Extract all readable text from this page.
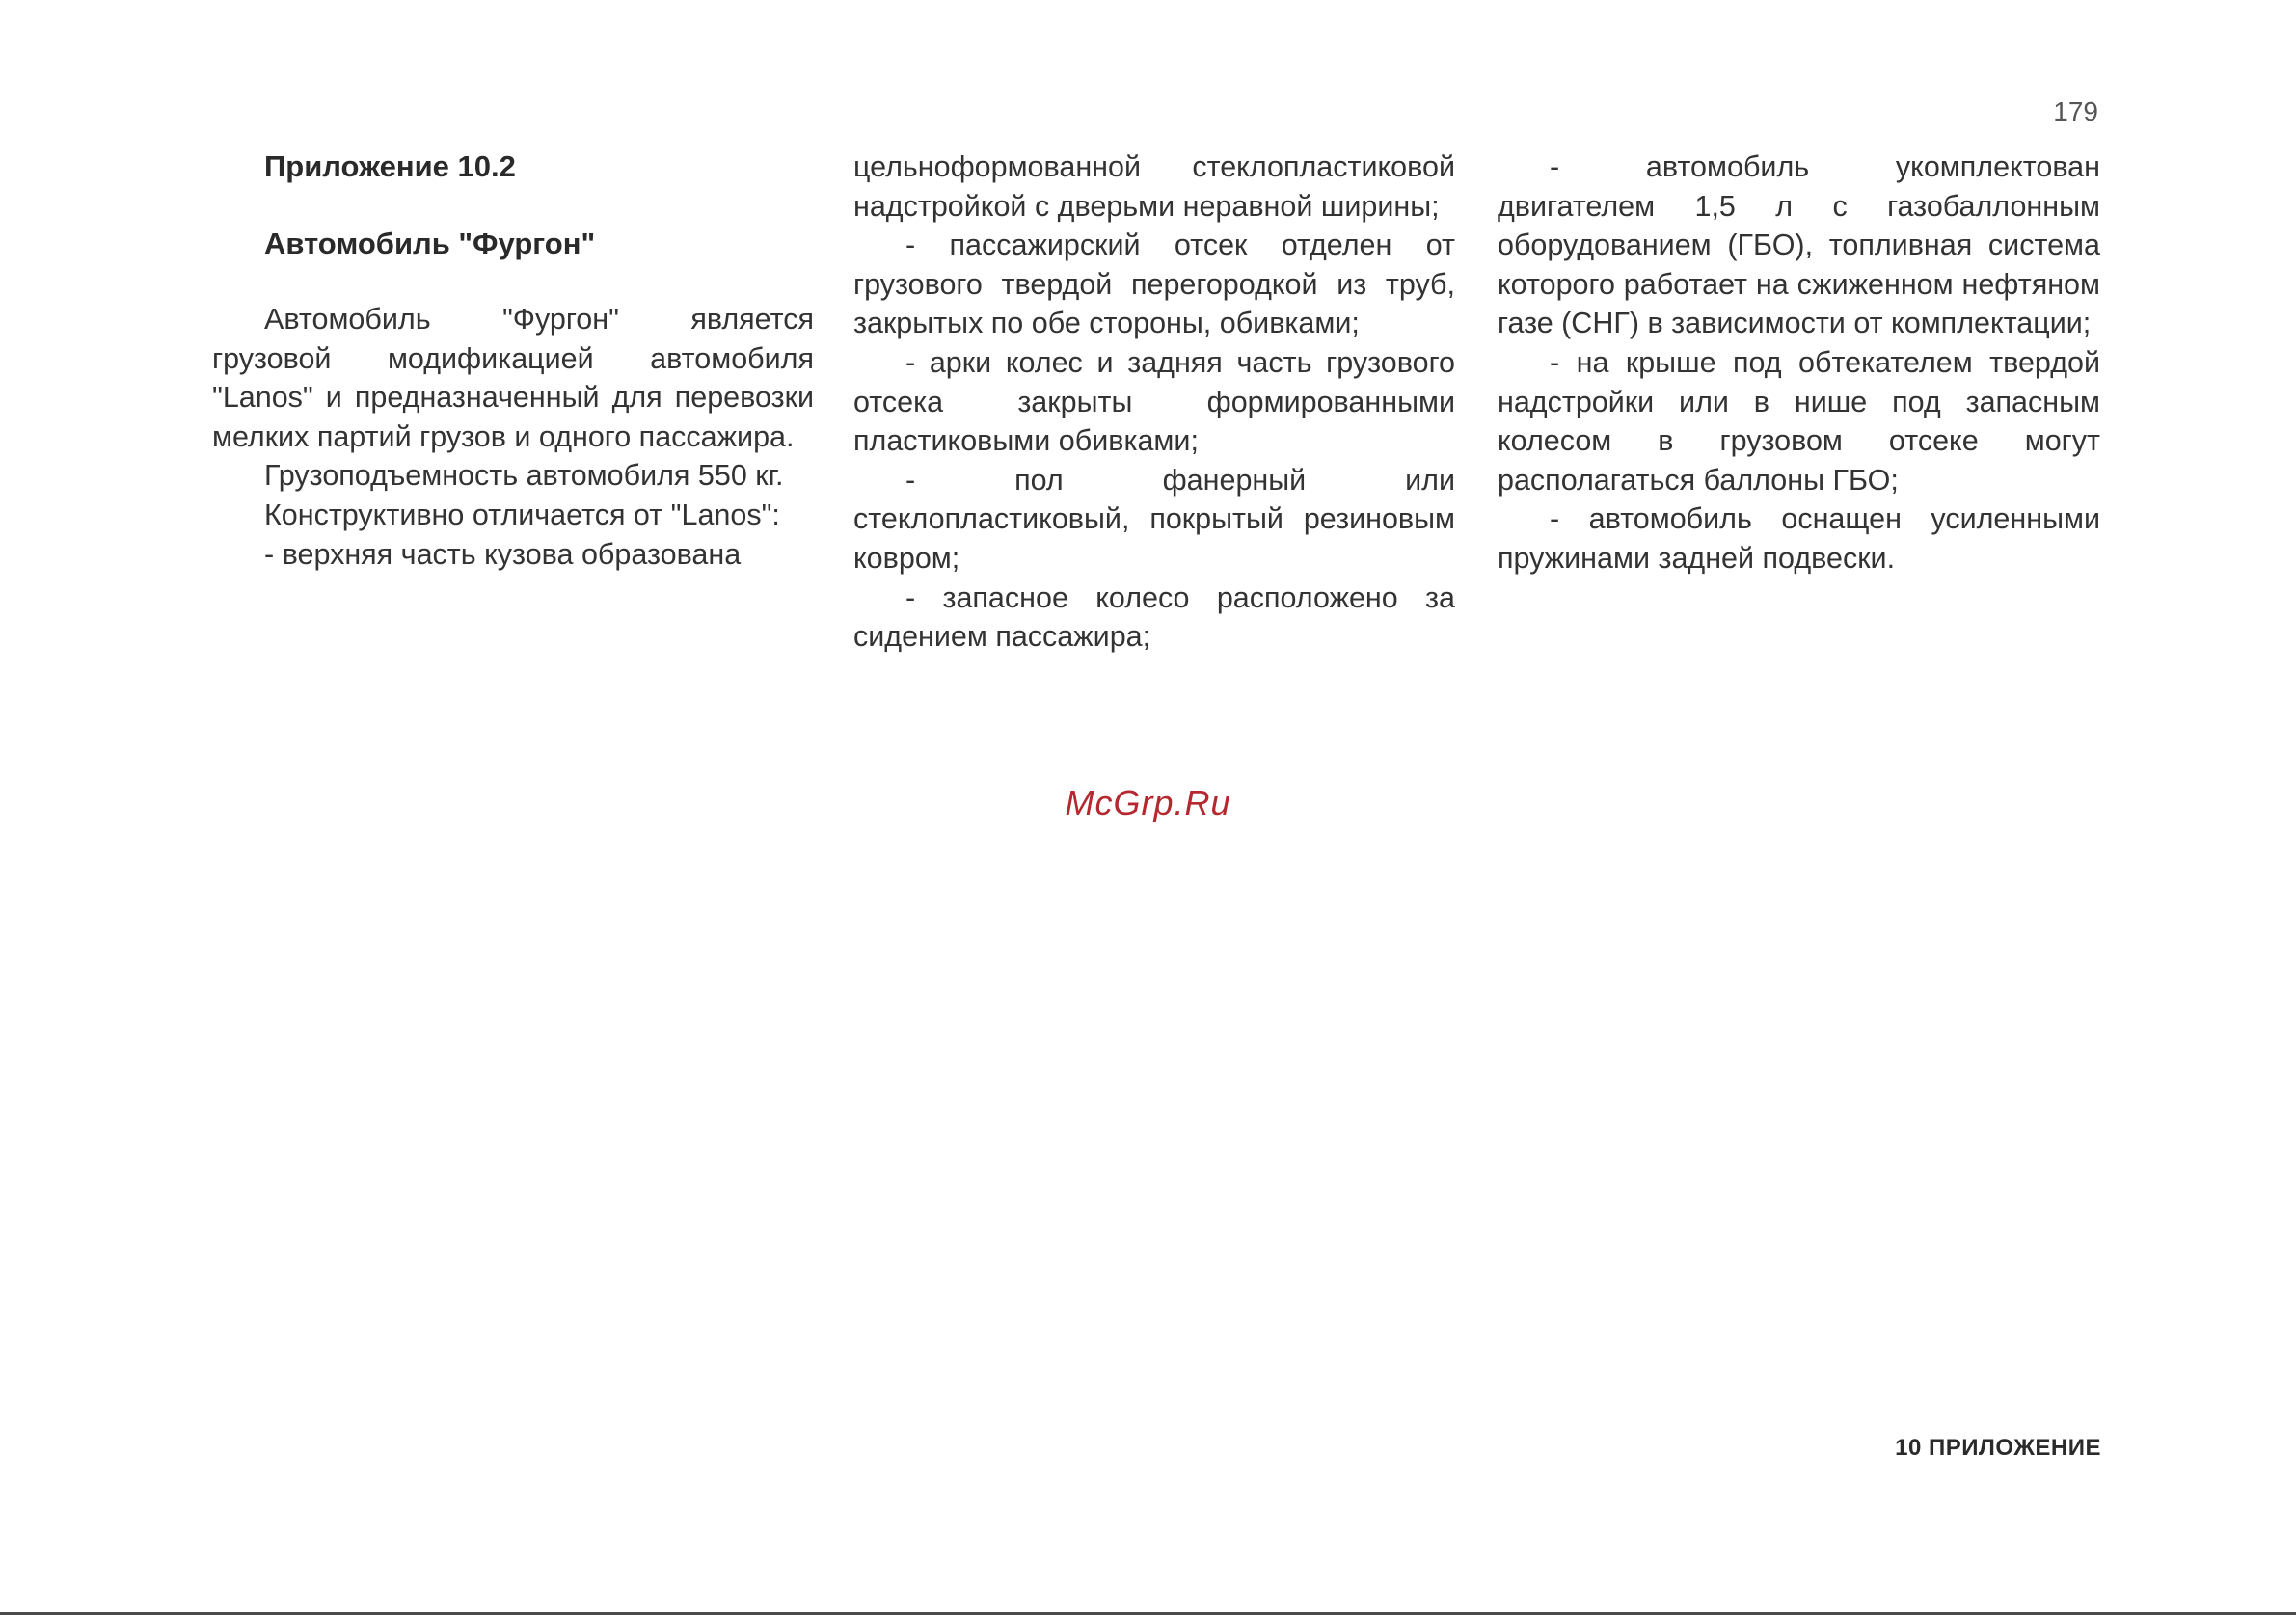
179
Приложение 10.2
Автомобиль "Фургон"

Автомобиль "Фургон" является грузовой модификацией автомобиля "Lanos" и предназначенный для перевозки мелких партий грузов и одного пассажира.

Грузоподъемность автомобиля 550 кг.

Конструктивно отличается от "Lanos":

- верхняя часть кузова образована

цельноформованной стеклопластиковой надстройкой с дверьми неравной ширины;

- пассажирский отсек отделен от грузового твердой перегородкой из труб, закрытых по обе стороны, обивками;

- арки колес и задняя часть грузового отсека закрыты формированными пластиковыми обивками;

- пол фанерный или стеклопластиковый, покрытый резиновым ковром;

- запасное колесо расположено за сидением пассажира;

- автомобиль укомплектован двигателем 1,5 л с газобаллонным оборудованием (ГБО), топливная система которого работает на сжиженном нефтяном газе (СНГ) в зависимости от комплектации;

- на крыше под обтекателем твердой надстройки или в нише под запасным колесом в грузовом отсеке могут располагаться баллоны ГБО;

- автомобиль оснащен усиленными пружинами задней подвески.

McGrp.Ru
10 ПРИЛОЖЕНИЕ
